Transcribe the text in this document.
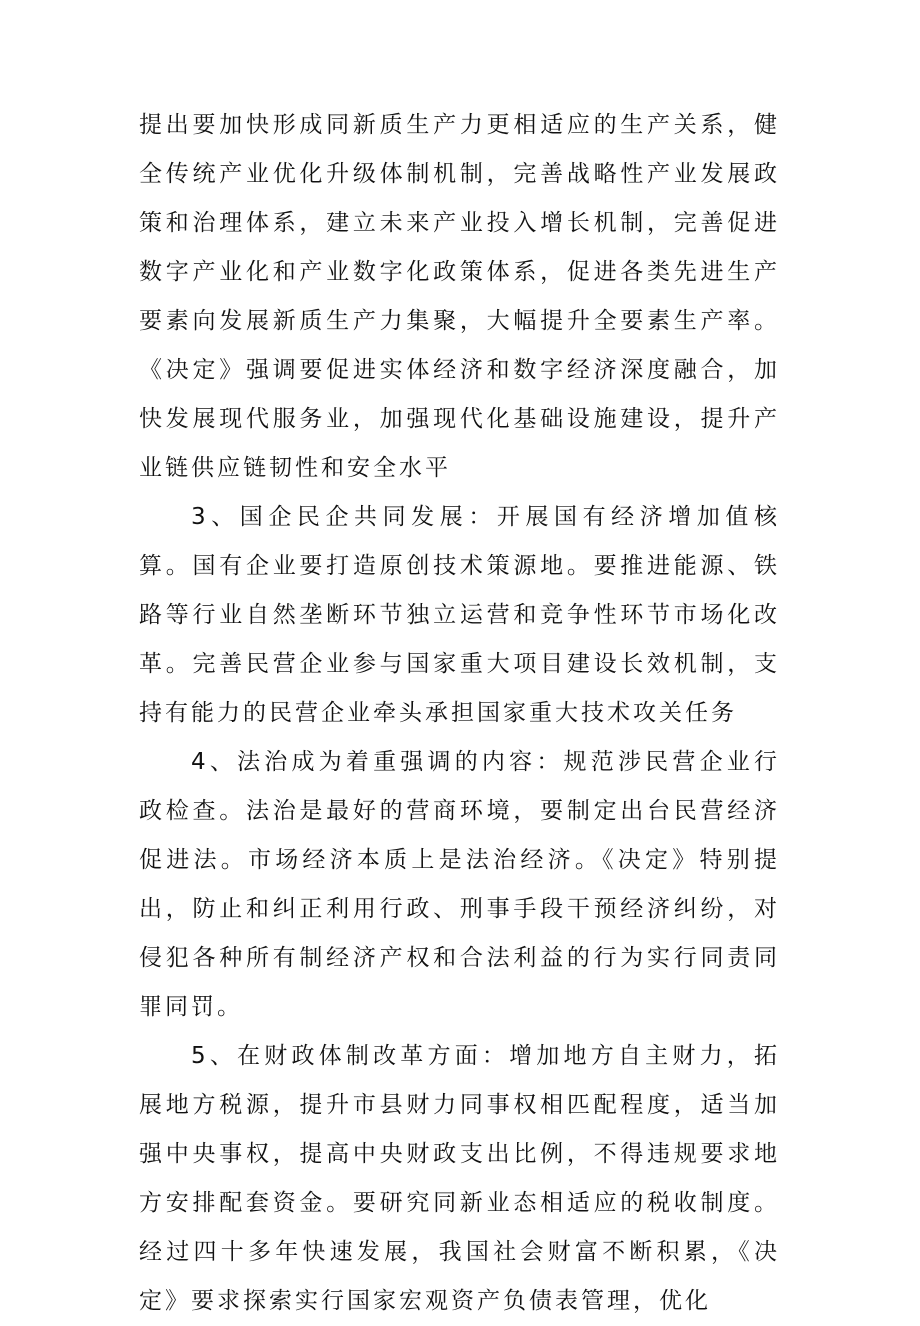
提出要加快形成同新质生产力更相适应的生产关系，健全传统产业优化升级体制机制，完善战略性产业发展政策和治理体系，建立未来产业投入增长机制，完善促进数字产业化和产业数字化政策体系，促进各类先进生产要素向发展新质生产力集聚，大幅提升全要素生产率。《决定》强调要促进实体经济和数字经济深度融合，加快发展现代服务业，加强现代化基础设施建设，提升产业链供应链韧性和安全水平

3、国企民企共同发展：开展国有经济增加值核算。国有企业要打造原创技术策源地。要推进能源、铁路等行业自然垄断环节独立运营和竞争性环节市场化改革。完善民营企业参与国家重大项目建设长效机制，支持有能力的民营企业牵头承担国家重大技术攻关任务

4、法治成为着重强调的内容：规范涉民营企业行政检查。法治是最好的营商环境，要制定出台民营经济促进法。市场经济本质上是法治经济。《决定》特别提出，防止和纠正利用行政、刑事手段干预经济纠纷，对侵犯各种所有制经济产权和合法利益的行为实行同责同罪同罚。

5、在财政体制改革方面：增加地方自主财力，拓展地方税源，提升市县财力同事权相匹配程度，适当加强中央事权，提高中央财政支出比例，不得违规要求地方安排配套资金。要研究同新业态相适应的税收制度。经过四十多年快速发展，我国社会财富不断积累，《决定》要求探索实行国家宏观资产负债表管理，优化
